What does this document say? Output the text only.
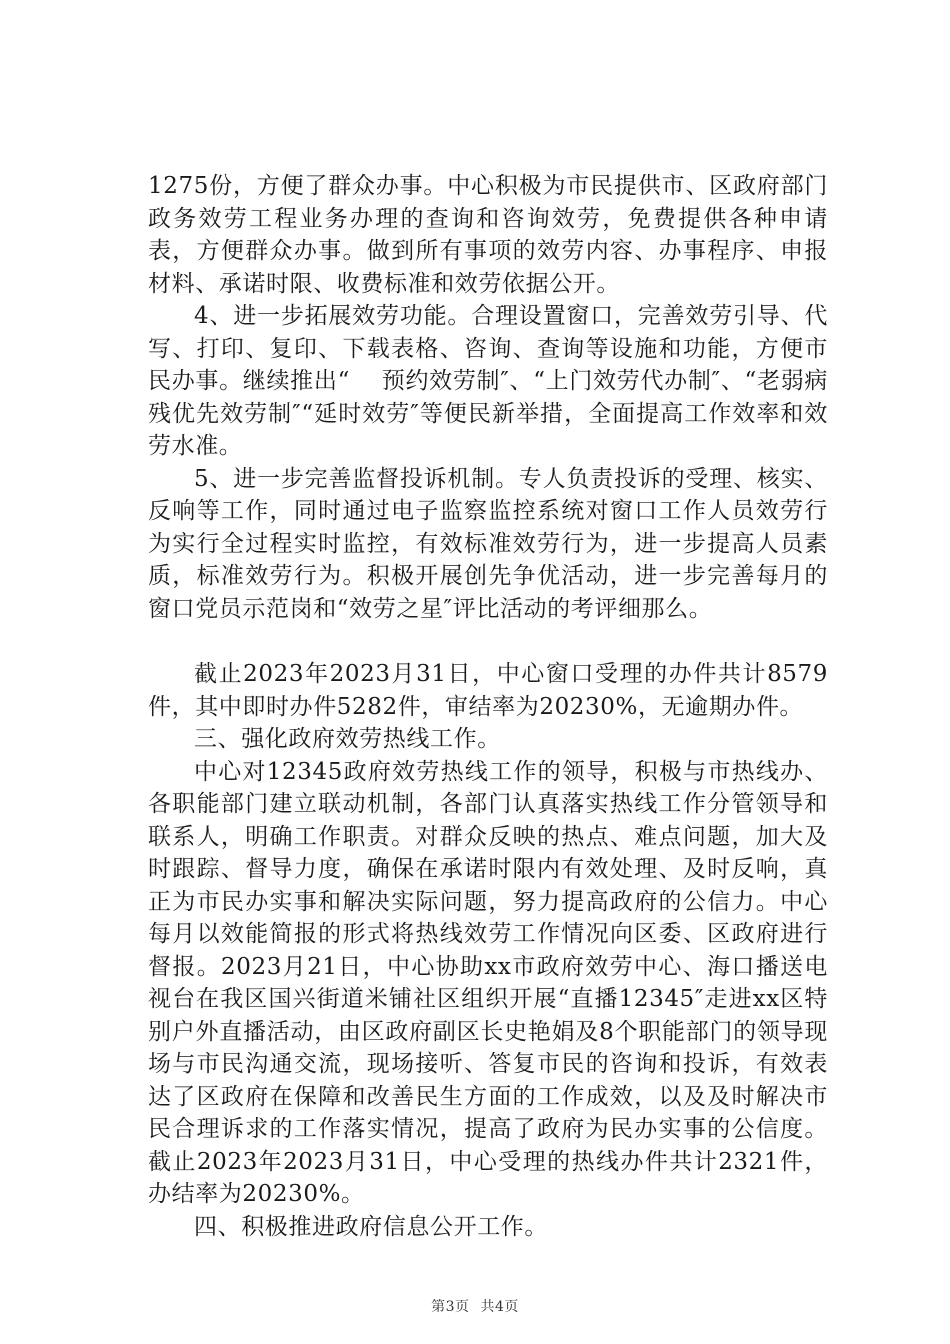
1275份，方便了群众办事。中心积极为市民提供市、区政府部门政务效劳工程业务办理的查询和咨询效劳，免费提供各种申请表，方便群众办事。做到所有事项的效劳内容、办事程序、申报材料、承诺时限、收费标准和效劳依据公开。

4、进一步拓展效劳功能。合理设置窗口，完善效劳引导、代写、打印、复印、下载表格、咨询、查询等设施和功能，方便市民办事。继续推出“　 预约效劳制″、“上门效劳代办制″、“老弱病残优先效劳制″“延时效劳″等便民新举措，全面提高工作效率和效劳水准。

5、进一步完善监督投诉机制。专人负责投诉的受理、核实、反响等工作，同时通过电子监察监控系统对窗口工作人员效劳行为实行全过程实时监控，有效标准效劳行为，进一步提高人员素质，标准效劳行为。积极开展创先争优活动，进一步完善每月的窗口党员示范岗和“效劳之星″评比活动的考评细那么。

截止2023年2023月31日，中心窗口受理的办件共计8579件，其中即时办件5282件，审结率为20230%，无逾期办件。

三、强化政府效劳热线工作。

中心对12345政府效劳热线工作的领导，积极与市热线办、各职能部门建立联动机制，各部门认真落实热线工作分管领导和联系人，明确工作职责。对群众反映的热点、难点问题，加大及时跟踪、督导力度，确保在承诺时限内有效处理、及时反响，真正为市民办实事和解决实际问题，努力提高政府的公信力。中心每月以效能简报的形式将热线效劳工作情况向区委、区政府进行督报。2023月21日，中心协助xx市政府效劳中心、海口播送电视台在我区国兴街道米铺社区组织开展“直播12345″走进xx区特别户外直播活动，由区政府副区长史艳娟及8个职能部门的领导现场与市民沟通交流，现场接听、答复市民的咨询和投诉，有效表达了区政府在保障和改善民生方面的工作成效，以及及时解决市民合理诉求的工作落实情况，提高了政府为民办实事的公信度。截止2023年2023月31日，中心受理的热线办件共计2321件，办结率为20230%。

四、积极推进政府信息公开工作。

第3页 共4页
